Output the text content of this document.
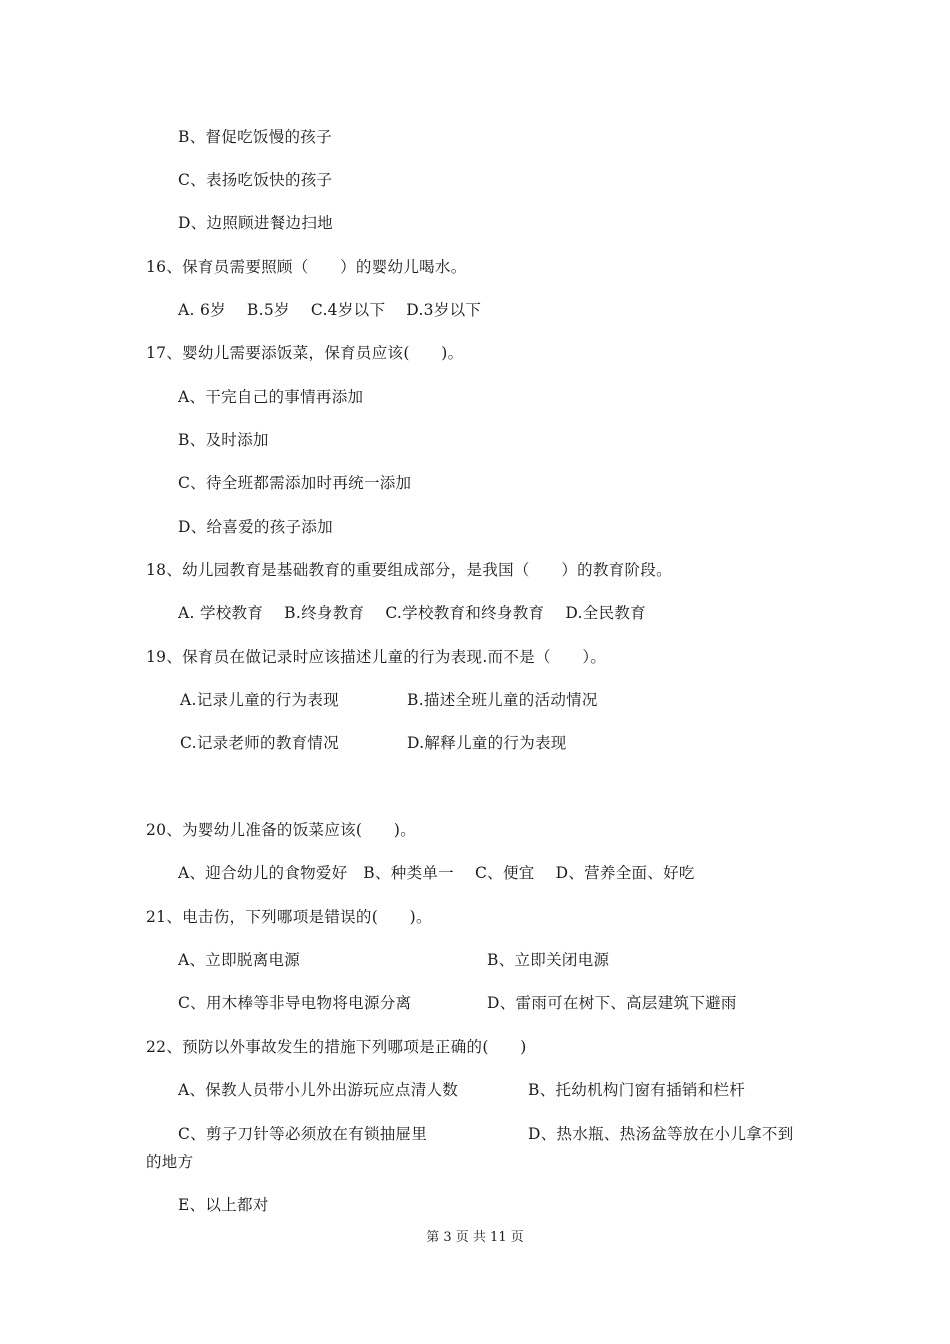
B、督促吃饭慢的孩子
C、表扬吃饭快的孩子
D、边照顾进餐边扫地
16、保育员需要照顾（　　）的婴幼儿喝水。
A. 6岁　 B.5岁　 C.4岁以下　 D.3岁以下
17、婴幼儿需要添饭菜，保育员应该(　　)。
A、干完自己的事情再添加
B、及时添加
C、待全班都需添加时再统一添加
D、给喜爱的孩子添加
18、幼儿园教育是基础教育的重要组成部分，是我国（　　）的教育阶段。
A. 学校教育　 B.终身教育　 C.学校教育和终身教育　 D.全民教育
19、保育员在做记录时应该描述儿童的行为表现.而不是（　　）。
A.记录儿童的行为表现	B.描述全班儿童的活动情况
C.记录老师的教育情况	D.解释儿童的行为表现
20、为婴幼儿准备的饭菜应该(　　)。
A、迎合幼儿的食物爱好　B、种类单一　 C、便宜　 D、营养全面、好吃
21、电击伤，下列哪项是错误的(　　)。
A、立即脱离电源	B、立即关闭电源
C、用木棒等非导电物将电源分离	D、雷雨可在树下、高层建筑下避雨
22、预防以外事故发生的措施下列哪项是正确的(　　)
A、保教人员带小儿外出游玩应点清人数	B、托幼机构门窗有插销和栏杆
C、剪子刀针等必须放在有锁抽屉里	D、热水瓶、热汤盆等放在小儿拿不到
的地方
E、以上都对
第 3 页 共 11 页
